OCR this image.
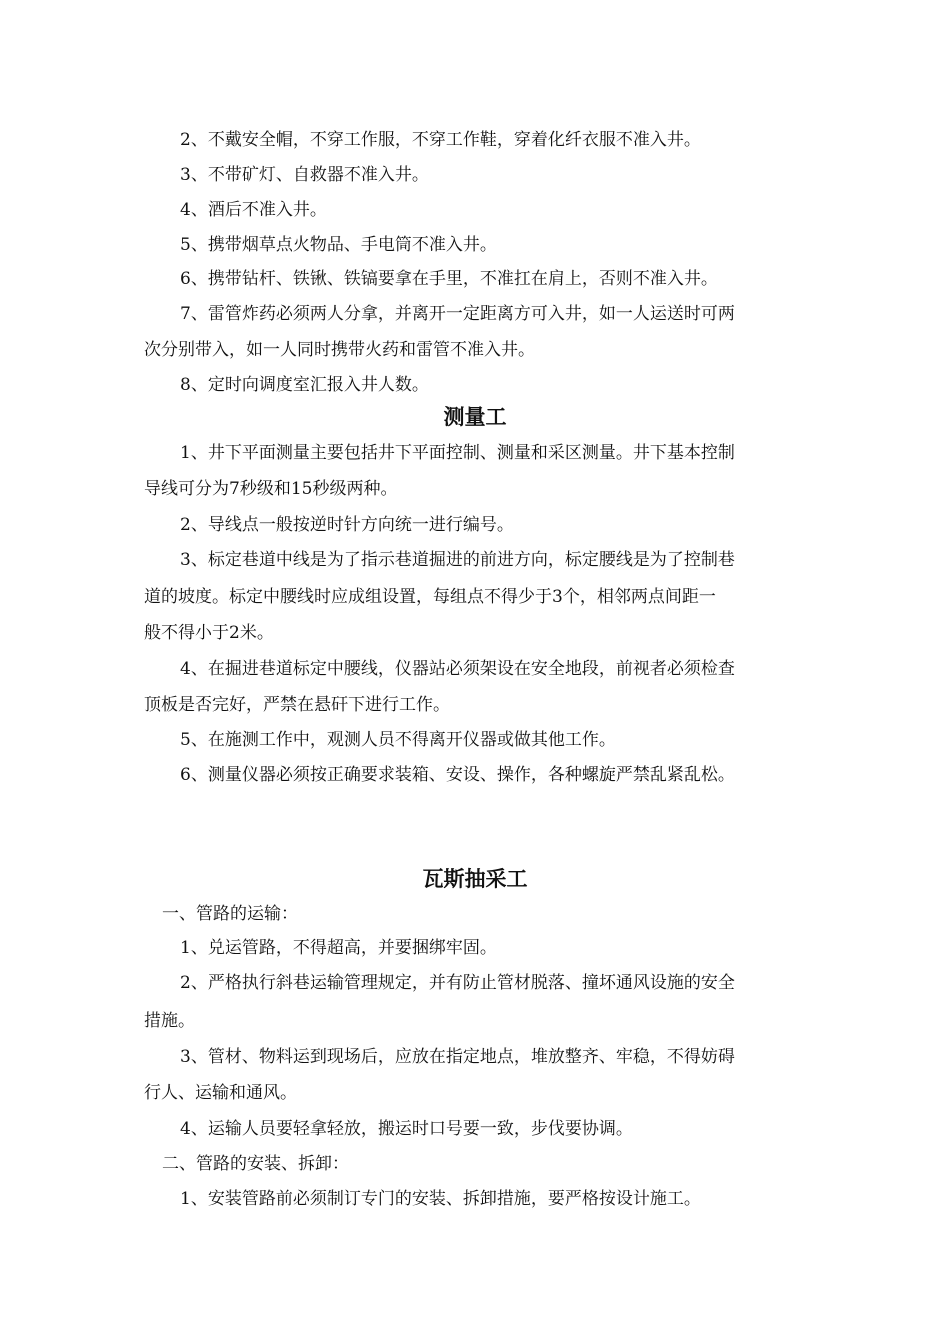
2、不戴安全帽，不穿工作服，不穿工作鞋，穿着化纤衣服不准入井。
3、不带矿灯、自救器不准入井。
4、酒后不准入井。
5、携带烟草点火物品、手电筒不准入井。
6、携带钻杆、铁锹、铁镐要拿在手里，不准扛在肩上，否则不准入井。
7、雷管炸药必须两人分拿，并离开一定距离方可入井，如一人运送时可两
次分别带入，如一人同时携带火药和雷管不准入井。
8、定时向调度室汇报入井人数。
测量工
1、井下平面测量主要包括井下平面控制、测量和采区测量。井下基本控制
导线可分为7秒级和15秒级两种。
2、导线点一般按逆时针方向统一进行编号。
3、标定巷道中线是为了指示巷道掘进的前进方向，标定腰线是为了控制巷
道的坡度。标定中腰线时应成组设置，每组点不得少于3个，相邻两点间距一
般不得小于2米。
4、在掘进巷道标定中腰线，仪器站必须架设在安全地段，前视者必须检查
顶板是否完好，严禁在悬矸下进行工作。
5、在施测工作中，观测人员不得离开仪器或做其他工作。
6、测量仪器必须按正确要求装箱、安设、操作，各种螺旋严禁乱紧乱松。
瓦斯抽采工
一、管路的运输：
1、兑运管路，不得超高，并要捆绑牢固。
2、严格执行斜巷运输管理规定，并有防止管材脱落、撞坏通风设施的安全
措施。
3、管材、物料运到现场后，应放在指定地点，堆放整齐、牢稳，不得妨碍
行人、运输和通风。
4、运输人员要轻拿轻放，搬运时口号要一致，步伐要协调。
二、管路的安装、拆卸：
1、安装管路前必须制订专门的安装、拆卸措施，要严格按设计施工。
